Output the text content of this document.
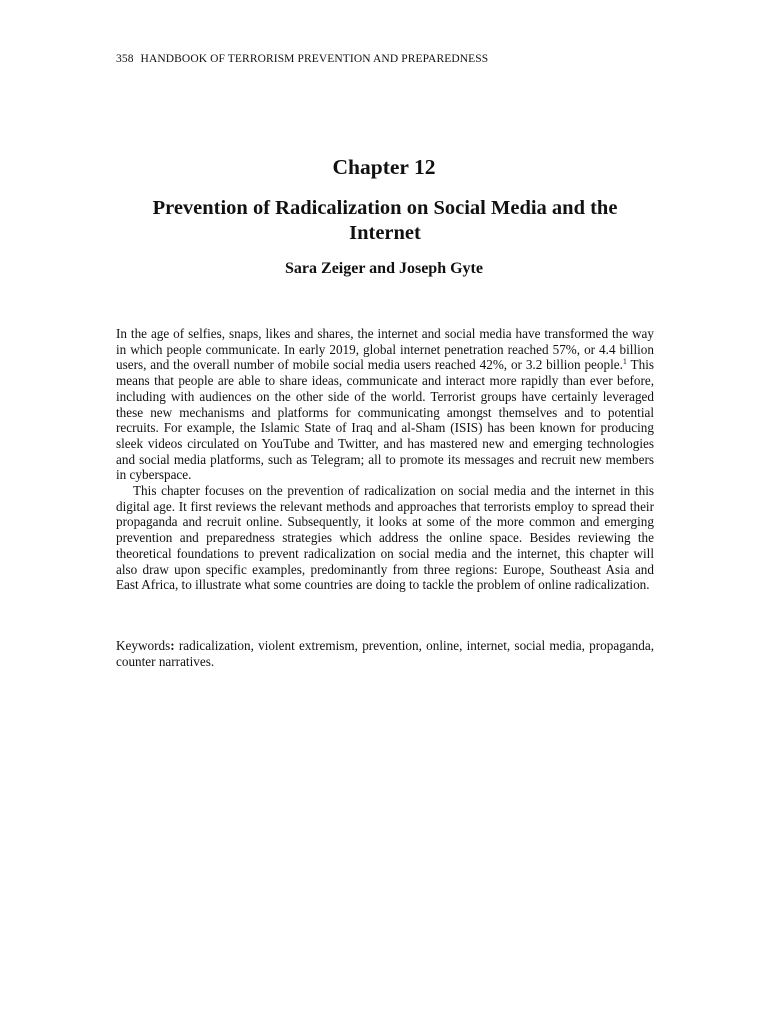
358 HANDBOOK OF TERRORISM PREVENTION AND PREPAREDNESS
Chapter 12
Prevention of Radicalization on Social Media and the Internet
Sara Zeiger and Joseph Gyte

In the age of selfies, snaps, likes and shares, the internet and social media have transformed the way in which people communicate. In early 2019, global internet penetration reached 57%, or 4.4 billion users, and the overall number of mobile social media users reached 42%, or 3.2 billion people.$^1$ This means that people are able to share ideas, communicate and interact more rapidly than ever before, including with audiences on the other side of the world. Terrorist groups have certainly leveraged these new mechanisms and platforms for communicating amongst themselves and to potential recruits. For example, the Islamic State of Iraq and al-Sham (ISIS) has been known for producing sleek videos circulated on YouTube and Twitter, and has mastered new and emerging technologies and social media platforms, such as Telegram; all to promote its messages and recruit new members in cyberspace.

This chapter focuses on the prevention of radicalization on social media and the internet in this digital age. It first reviews the relevant methods and approaches that terrorists employ to spread their propaganda and recruit online. Subsequently, it looks at some of the more common and emerging prevention and preparedness strategies which address the online space. Besides reviewing the theoretical foundations to prevent radicalization on social media and the internet, this chapter will also draw upon specific examples, predominantly from three regions: Europe, Southeast Asia and East Africa, to illustrate what some countries are doing to tackle the problem of online radicalization.

Keywords: radicalization, violent extremism, prevention, online, internet, social media, propaganda, counter narratives.
